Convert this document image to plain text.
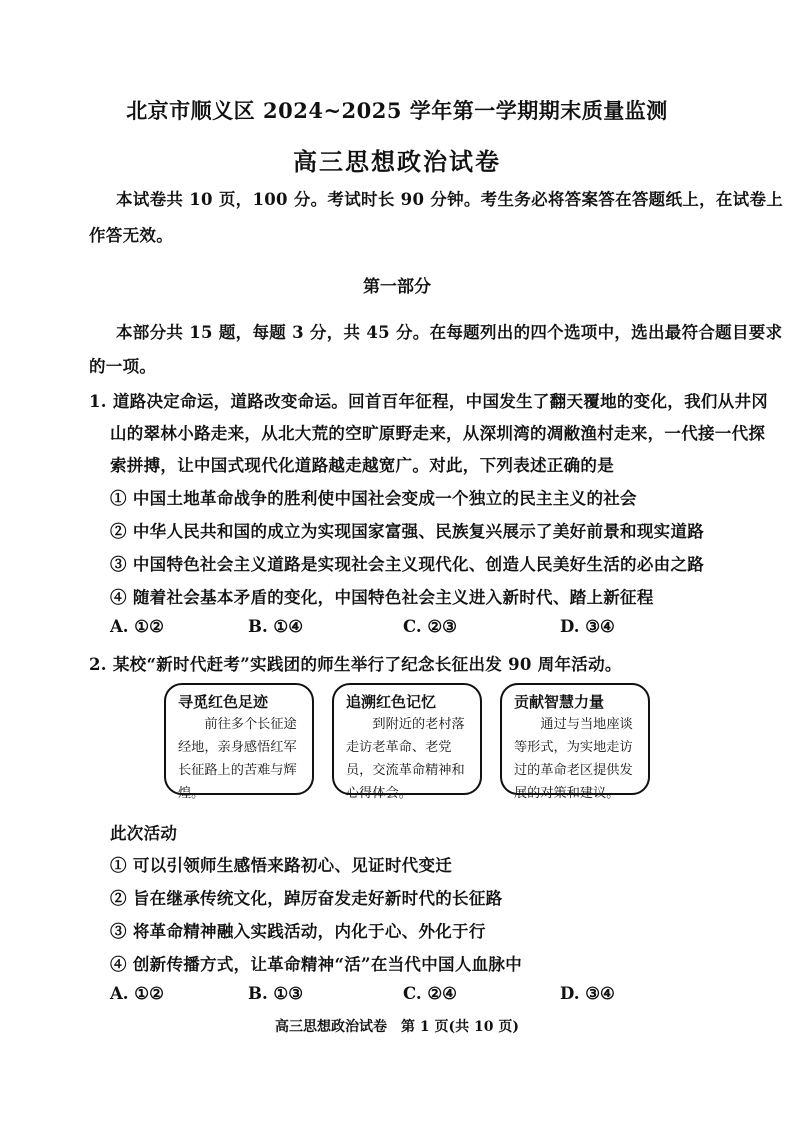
北京市顺义区 2024~2025 学年第一学期期末质量监测
高三思想政治试卷
本试卷共 10 页，100 分。考试时长 90 分钟。考生务必将答案答在答题纸上，在试卷上
作答无效。
第一部分
本部分共 15 题，每题 3 分，共 45 分。在每题列出的四个选项中，选出最符合题目要求
的一项。
1. 道路决定命运，道路改变命运。回首百年征程，中国发生了翻天覆地的变化，我们从井冈
山的翠林小路走来，从北大荒的空旷原野走来，从深圳湾的凋敝渔村走来，一代接一代探
索拼搏，让中国式现代化道路越走越宽广。对此，下列表述正确的是
① 中国土地革命战争的胜利使中国社会变成一个独立的民主主义的社会
② 中华人民共和国的成立为实现国家富强、民族复兴展示了美好前景和现实道路
③ 中国特色社会主义道路是实现社会主义现代化、创造人民美好生活的必由之路
④ 随着社会基本矛盾的变化，中国特色社会主义进入新时代、踏上新征程
A. ①②	B. ①④	C. ②③	D. ③④
2. 某校“新时代赶考”实践团的师生举行了纪念长征出发 90 周年活动。
寻觅红色足迹
前往多个长征途经地，亲身感悟红军长征路上的苦难与辉煌。
追溯红色记忆
到附近的老村落走访老革命、老党员，交流革命精神和心得体会。
贡献智慧力量
通过与当地座谈等形式，为实地走访过的革命老区提供发展的对策和建议。
此次活动
① 可以引领师生感悟来路初心、见证时代变迁
② 旨在继承传统文化，踔厉奋发走好新时代的长征路
③ 将革命精神融入实践活动，内化于心、外化于行
④ 创新传播方式，让革命精神“活”在当代中国人血脉中
A. ①②	B. ①③	C. ②④	D. ③④
高三思想政治试卷　第 1 页(共 10 页)
